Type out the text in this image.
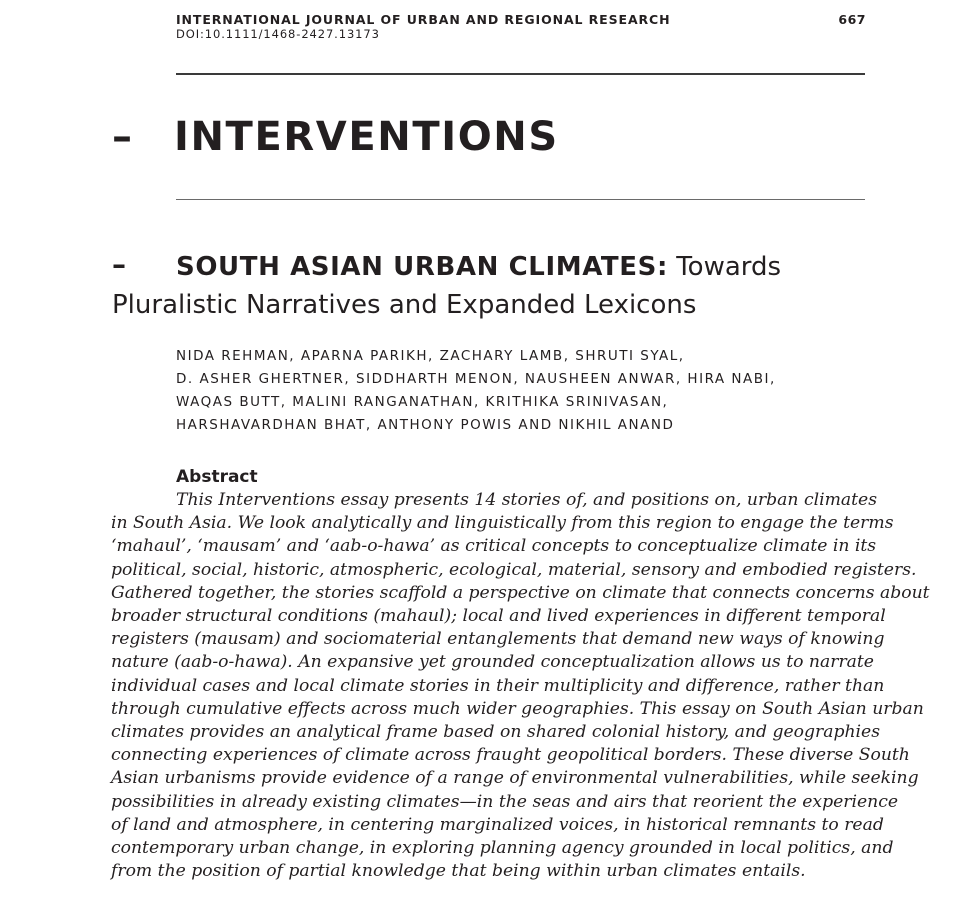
INTERNATIONAL JOURNAL OF URBAN AND REGIONAL RESEARCH
DOI:10.1111/1468-2427.13173
667
– INTERVENTIONS
–	SOUTH ASIAN URBAN CLIMATES: Towards Pluralistic Narratives and Expanded Lexicons
NIDA REHMAN, APARNA PARIKH, ZACHARY LAMB, SHRUTI SYAL,
D. ASHER GHERTNER, SIDDHARTH MENON, NAUSHEEN ANWAR, HIRA NABI,
WAQAS BUTT, MALINI RANGANATHAN, KRITHIKA SRINIVASAN,
HARSHAVARDHAN BHAT, ANTHONY POWIS AND NIKHIL ANAND
Abstract
This Interventions essay presents 14 stories of, and positions on, urban climates
in South Asia. We look analytically and linguistically from this region to engage the terms
‘mahaul’, ‘mausam’ and ‘aab-o-hawa’ as critical concepts to conceptualize climate in its
political, social, historic, atmospheric, ecological, material, sensory and embodied registers.
Gathered together, the stories scaffold a perspective on climate that connects concerns about
broader structural conditions (mahaul); local and lived experiences in different temporal
registers (mausam) and sociomaterial entanglements that demand new ways of knowing
nature (aab-o-hawa). An expansive yet grounded conceptualization allows us to narrate
individual cases and local climate stories in their multiplicity and difference, rather than
through cumulative effects across much wider geographies. This essay on South Asian urban
climates provides an analytical frame based on shared colonial history, and geographies
connecting experiences of climate across fraught geopolitical borders. These diverse South
Asian urbanisms provide evidence of a range of environmental vulnerabilities, while seeking
possibilities in already existing climates—in the seas and airs that reorient the experience
of land and atmosphere, in centering marginalized voices, in historical remnants to read
contemporary urban change, in exploring planning agency grounded in local politics, and
from the position of partial knowledge that being within urban climates entails.
